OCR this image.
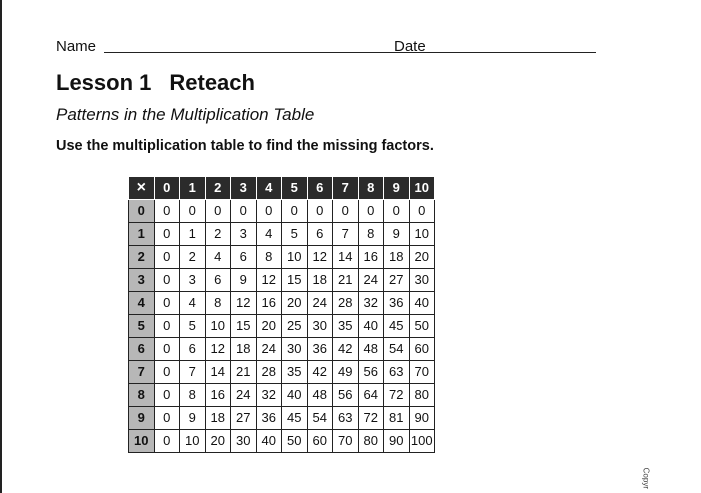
Name	Date
Lesson 1 Reteach
Patterns in the Multiplication Table
Use the multiplication table to find the missing factors.
×	0	1	2	3	4	5	6	7	8	9	10
0	0	0	0	0	0	0	0	0	0	0	0
1	0	1	2	3	4	5	6	7	8	9	10
2	0	2	4	6	8	10	12	14	16	18	20
3	0	3	6	9	12	15	18	21	24	27	30
4	0	4	8	12	16	20	24	28	32	36	40
5	0	5	10	15	20	25	30	35	40	45	50
6	0	6	12	18	24	30	36	42	48	54	60
7	0	7	14	21	28	35	42	49	56	63	70
8	0	8	16	24	32	40	48	56	64	72	80
9	0	9	18	27	36	45	54	63	72	81	90
10	0	10	20	30	40	50	60	70	80	90	100
Copyr
